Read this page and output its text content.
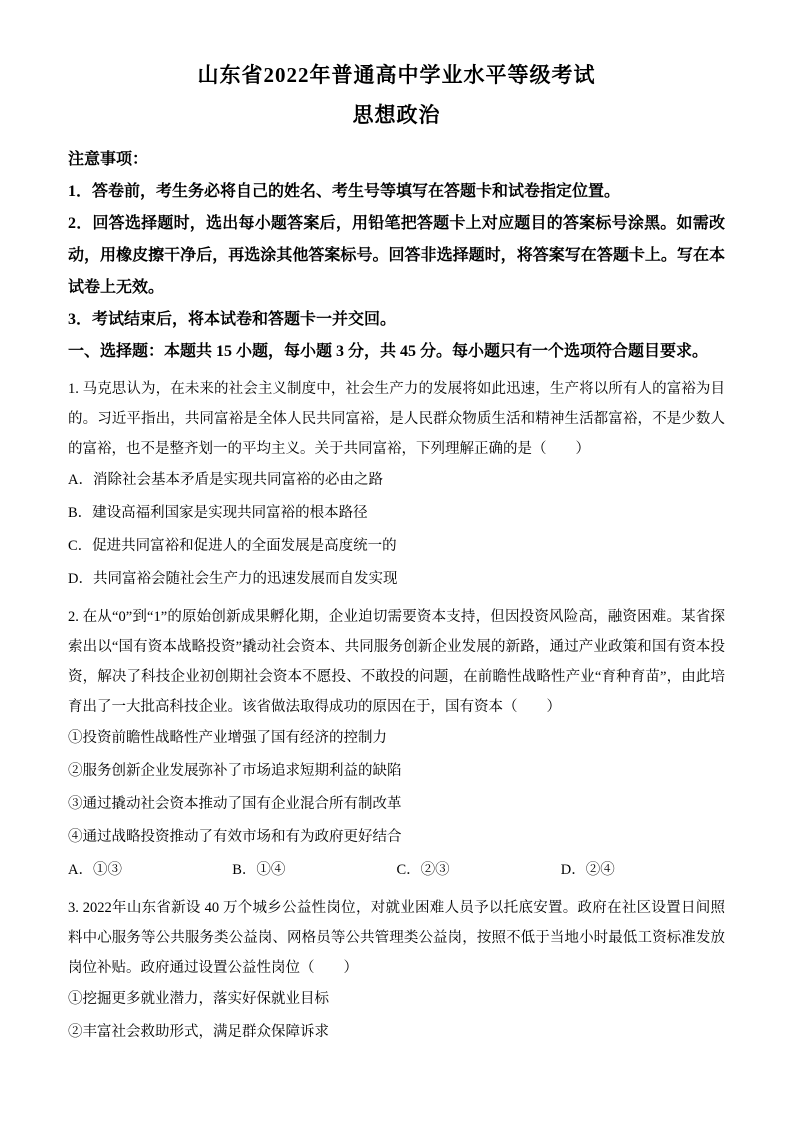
山东省2022年普通高中学业水平等级考试
思想政治

注意事项：

1．答卷前，考生务必将自己的姓名、考生号等填写在答题卡和试卷指定位置。

2．回答选择题时，选出每小题答案后，用铅笔把答题卡上对应题目的答案标号涂黑。如需改动，用橡皮擦干净后，再选涂其他答案标号。回答非选择题时，将答案写在答题卡上。写在本试卷上无效。

3．考试结束后，将本试卷和答题卡一并交回。

一、选择题：本题共 15 小题，每小题 3 分，共 45 分。每小题只有一个选项符合题目要求。

1. 马克思认为，在未来的社会主义制度中，社会生产力的发展将如此迅速，生产将以所有人的富裕为目的。习近平指出，共同富裕是全体人民共同富裕，是人民群众物质生活和精神生活都富裕，不是少数人的富裕，也不是整齐划一的平均主义。关于共同富裕，下列理解正确的是（　　）

A．消除社会基本矛盾是实现共同富裕的必由之路

B．建设高福利国家是实现共同富裕的根本路径

C．促进共同富裕和促进人的全面发展是高度统一的

D．共同富裕会随社会生产力的迅速发展而自发实现

2. 在从“0”到“1”的原始创新成果孵化期，企业迫切需要资本支持，但因投资风险高，融资困难。某省探索出以“国有资本战略投资”撬动社会资本、共同服务创新企业发展的新路，通过产业政策和国有资本投资，解决了科技企业初创期社会资本不愿投、不敢投的问题，在前瞻性战略性产业“育种育苗”，由此培育出了一大批高科技企业。该省做法取得成功的原因在于，国有资本（　　）

①投资前瞻性战略性产业增强了国有经济的控制力

②服务创新企业发展弥补了市场追求短期利益的缺陷

③通过撬动社会资本推动了国有企业混合所有制改革

④通过战略投资推动了有效市场和有为政府更好结合

A．①③	B．①④	C．②③	D．②④

3. 2022年山东省新设 40 万个城乡公益性岗位，对就业困难人员予以托底安置。政府在社区设置日间照料中心服务等公共服务类公益岗、网格员等公共管理类公益岗，按照不低于当地小时最低工资标准发放岗位补贴。政府通过设置公益性岗位（　　）

①挖掘更多就业潜力，落实好保就业目标

②丰富社会救助形式，满足群众保障诉求
